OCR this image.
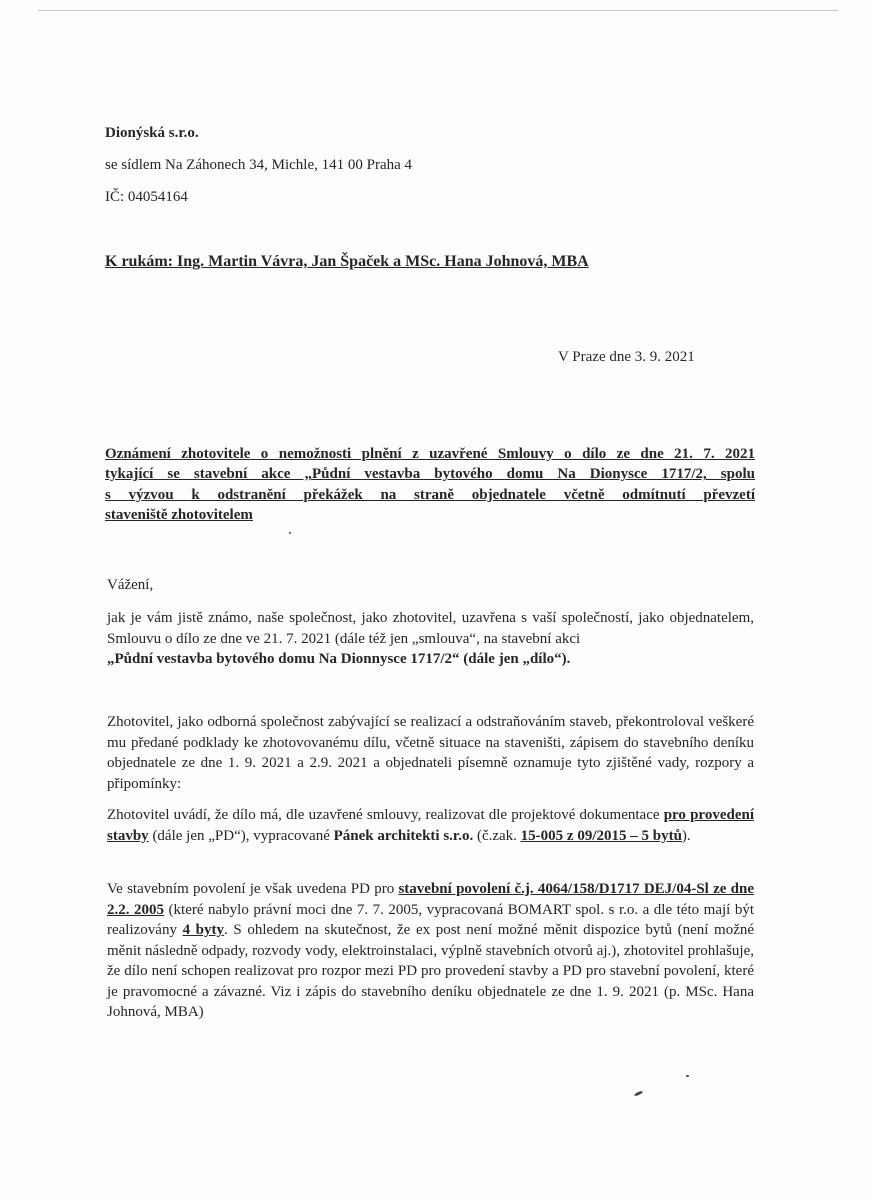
Dionýská s.r.o.
se sídlem Na Záhonech 34, Michle, 141 00 Praha 4
IČ: 04054164
K rukám: Ing. Martin Vávra, Jan Špaček a MSc. Hana Johnová, MBA
V Praze dne 3. 9. 2021
Oznámení zhotovitele o nemožnosti plnění z uzavřené Smlouvy o dílo ze dne 21. 7. 2021
tykající se stavební akce „Půdní vestavba bytového domu Na Dionysce 1717/2, spolu
s výzvou k odstranění překážek na straně objednatele včetně odmítnutí převzetí
staveniště zhotovitelem
Vážení,
jak je vám jistě známo, naše společnost, jako zhotovitel, uzavřena s vaší společností, jako objednatelem, Smlouvu o dílo ze dne ve 21. 7. 2021 (dále též jen „smlouva“, na stavební akci
„Půdní vestavba bytového domu Na Dionnysce 1717/2“ (dále jen „dílo“).
Zhotovitel, jako odborná společnost zabývající se realizací a odstraňováním staveb, překontroloval veškeré mu předané podklady ke zhotovovanému dílu, včetně situace na staveništi, zápisem do stavebního deníku objednatele ze dne 1. 9. 2021 a 2.9. 2021 a objednateli písemně oznamuje tyto zjištěné vady, rozpory a připomínky:
Zhotovitel uvádí, že dílo má, dle uzavřené smlouvy, realizovat dle projektové dokumentace pro provedení stavby (dále jen „PD“), vypracované Pánek architekti s.r.o. (č.zak. 15-005 z 09/2015 – 5 bytů).
Ve stavebním povolení je však uvedena PD pro stavební povolení č.j. 4064/158/D1717 DEJ/04-Sl ze dne 2.2. 2005 (které nabylo právní moci dne 7. 7. 2005, vypracovaná BOMART spol. s r.o. a dle této mají být realizovány 4 byty. S ohledem na skutečnost, že ex post není možné měnit dispozice bytů (není možné měnit následně odpady, rozvody vody, elektroinstalaci, výplně stavebních otvorů aj.), zhotovitel prohlašuje, že dílo není schopen realizovat pro rozpor mezi PD pro provedení stavby a PD pro stavební povolení, které je pravomocné a závazné. Viz i zápis do stavebního deníku objednatele ze dne 1. 9. 2021 (p. MSc. Hana Johnová, MBA)
